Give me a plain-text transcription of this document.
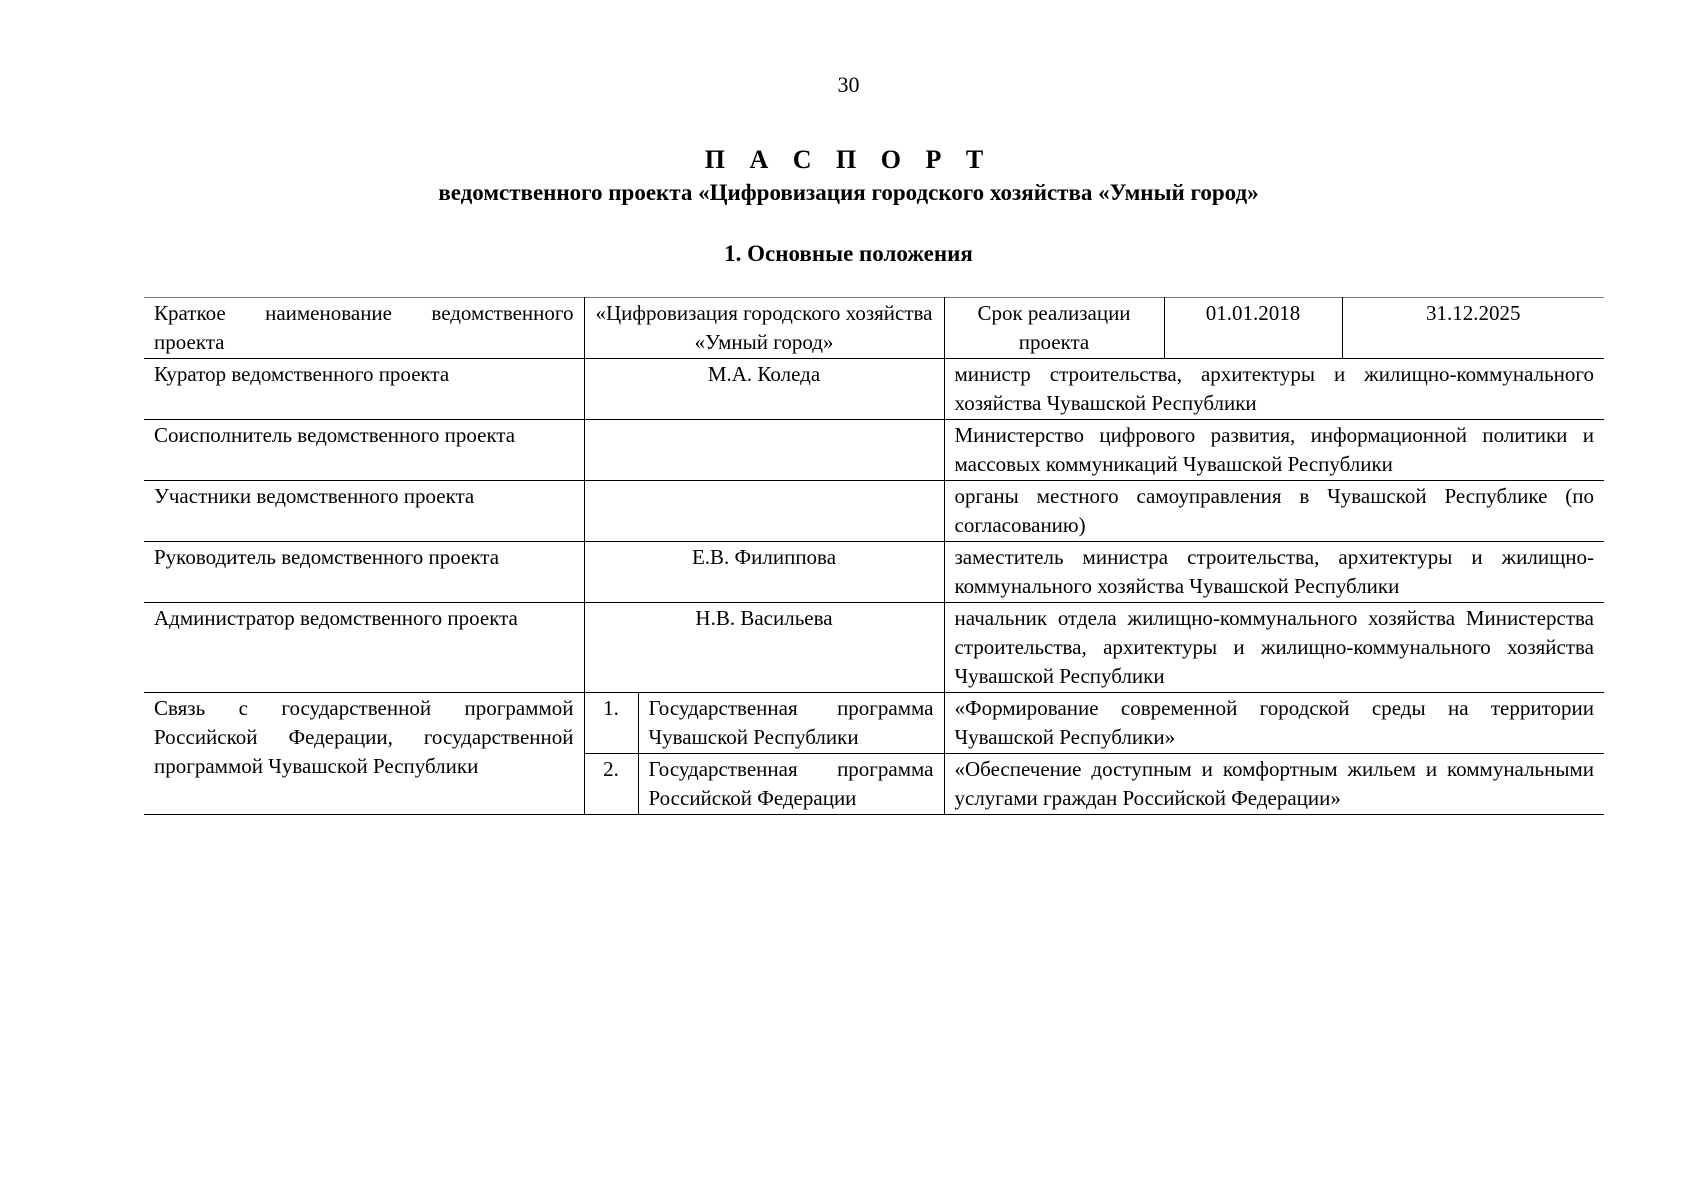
30
П А С П О Р Т
ведомственного проекта «Цифровизация городского хозяйства «Умный город»
1. Основные положения
Краткое наименование ведомственного проекта	«Цифровизация городского хозяйства «Умный город»		Срок реализации проекта	01.01.2018	31.12.2025
Куратор ведомственного проекта	М.А. Коледа		министр строительства, архитектуры и жилищно-коммунального хозяйства Чувашской Республики		
Соисполнитель ведомственного проекта			Министерство цифрового развития, информационной политики и массовых коммуникаций Чувашской Республики		
Участники ведомственного проекта			органы местного самоуправления в Чувашской Республике (по согласованию)		
Руководитель ведомственного проекта	Е.В. Филиппова		заместитель министра строительства, архитектуры и жилищно-коммунального хозяйства Чувашской Республики		
Администратор ведомственного проекта	Н.В. Васильева		начальник отдела жилищно-коммунального хозяйства Министерства строительства, архитектуры и жилищно-коммунального хозяйства Чувашской Республики		
Связь с государственной программой Российской Федерации, государственной программой Чувашской Республики	1.	Государственная программа Чувашской Республики	«Формирование современной городской среды на территории Чувашской Республики»		
	2.	Государственная программа Российской Федерации	«Обеспечение доступным и комфортным жильем и коммунальными услугами граждан Российской Федерации»		
